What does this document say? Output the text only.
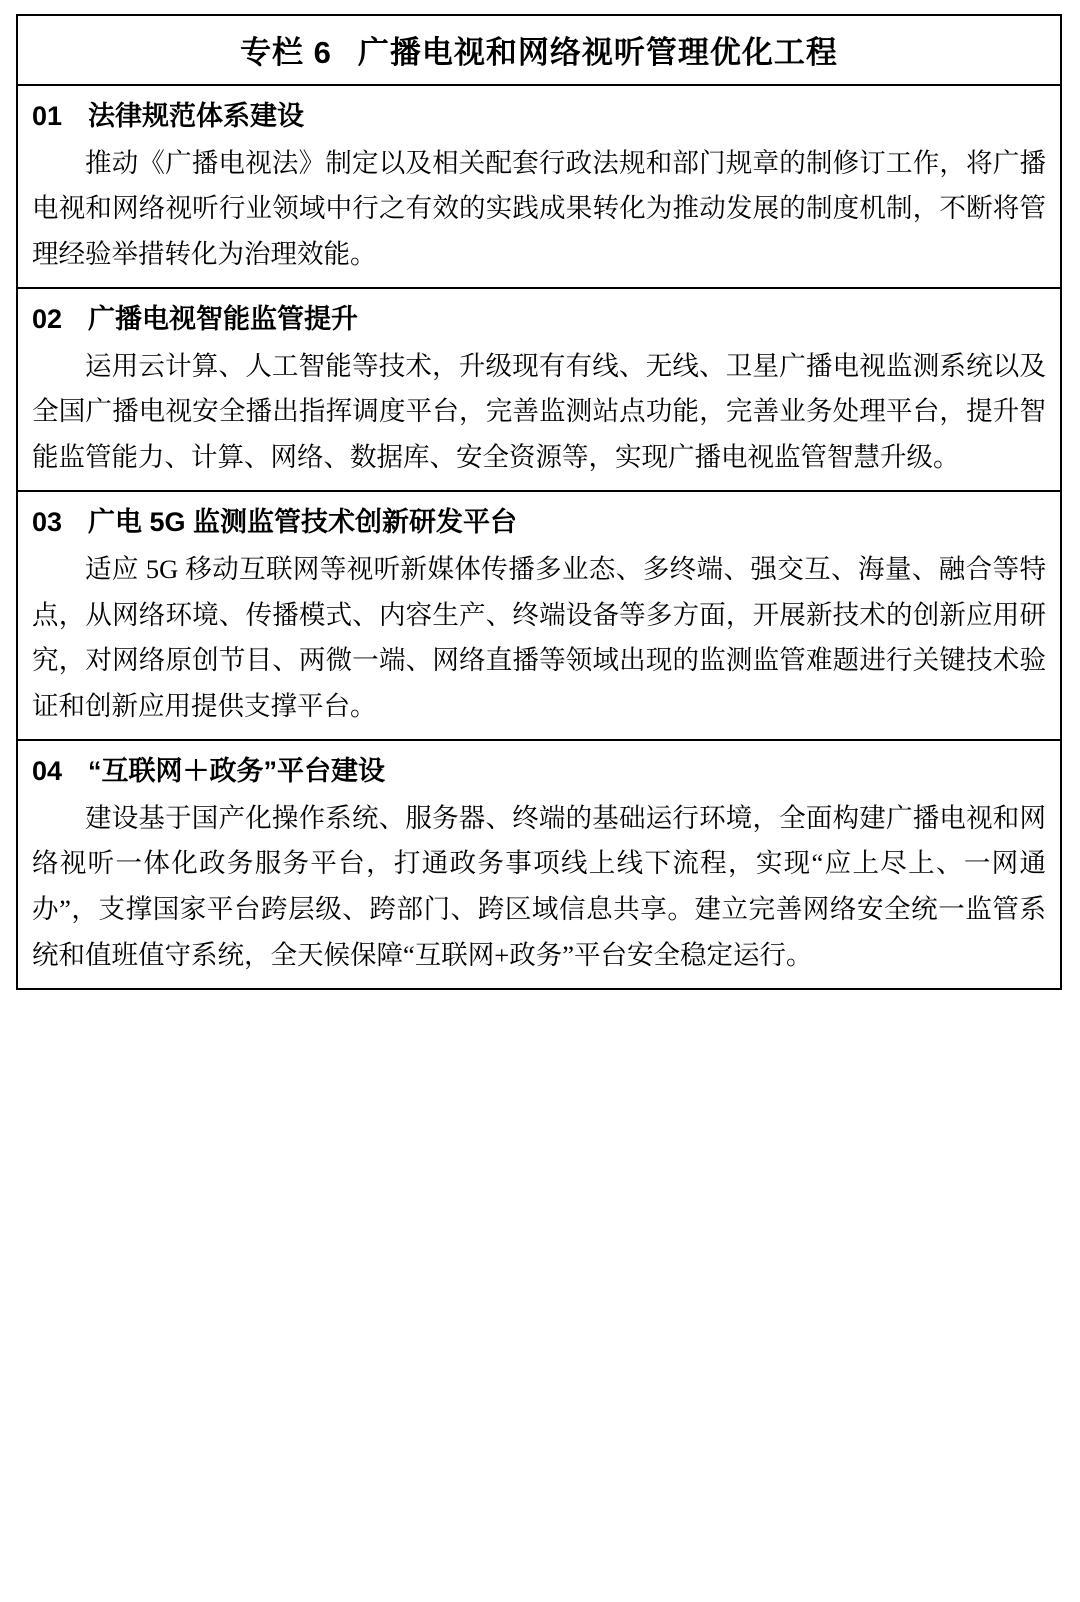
专栏 6 广播电视和网络视听管理优化工程
01 法律规范体系建设
推动《广播电视法》制定以及相关配套行政法规和部门规章的制修订工作，将广播电视和网络视听行业领域中行之有效的实践成果转化为推动发展的制度机制，不断将管理经验举措转化为治理效能。
02 广播电视智能监管提升
运用云计算、人工智能等技术，升级现有有线、无线、卫星广播电视监测系统以及全国广播电视安全播出指挥调度平台，完善监测站点功能，完善业务处理平台，提升智能监管能力、计算、网络、数据库、安全资源等，实现广播电视监管智慧升级。
03 广电 5G 监测监管技术创新研发平台
适应 5G 移动互联网等视听新媒体传播多业态、多终端、强交互、海量、融合等特点，从网络环境、传播模式、内容生产、终端设备等多方面，开展新技术的创新应用研究，对网络原创节目、两微一端、网络直播等领域出现的监测监管难题进行关键技术验证和创新应用提供支撑平台。
04 “互联网＋政务”平台建设
建设基于国产化操作系统、服务器、终端的基础运行环境，全面构建广播电视和网络视听一体化政务服务平台，打通政务事项线上线下流程，实现“应上尽上、一网通办”，支撑国家平台跨层级、跨部门、跨区域信息共享。建立完善网络安全统一监管系统和值班值守系统，全天候保障“互联网+政务”平台安全稳定运行。
